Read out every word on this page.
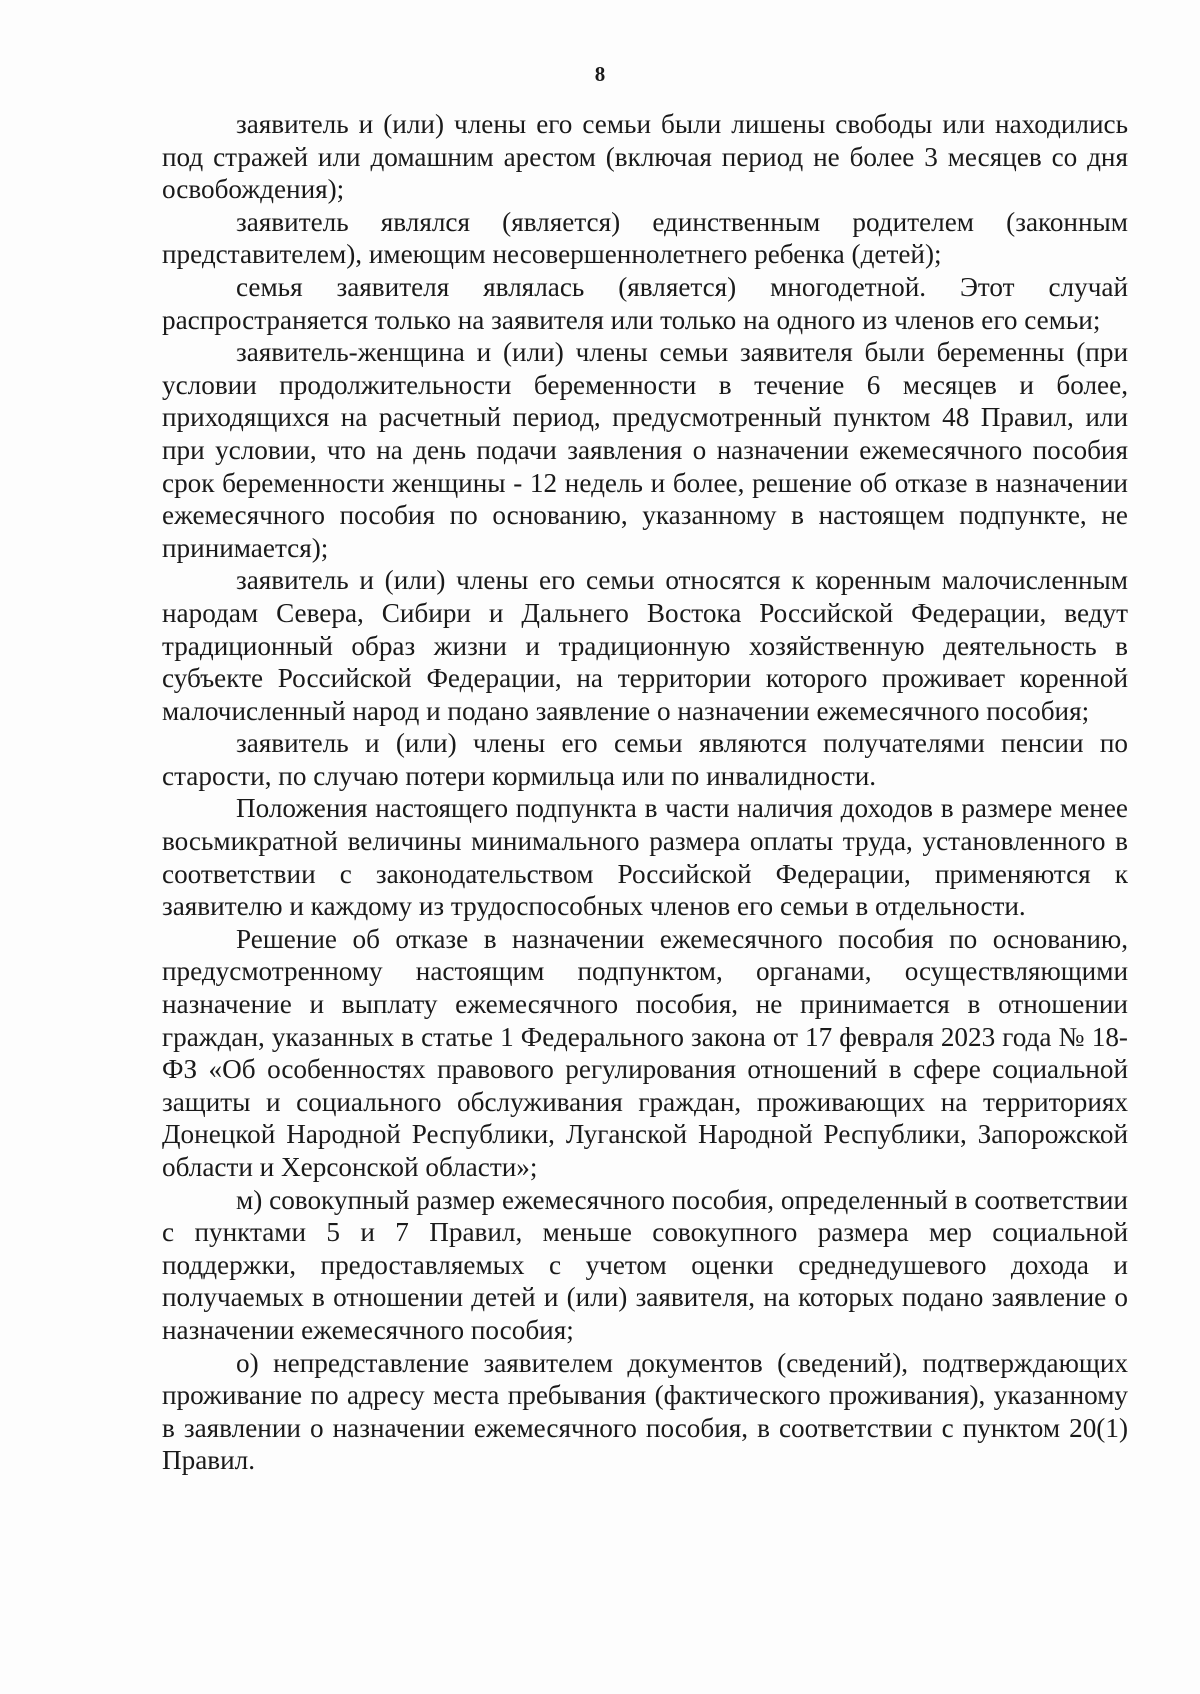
8

заявитель и (или) члены его семьи были лишены свободы или находились под стражей или домашним арестом (включая период не более 3 месяцев со дня освобождения);

заявитель являлся (является) единственным родителем (законным представителем), имеющим несовершеннолетнего ребенка (детей);

семья заявителя являлась (является) многодетной. Этот случай распространяется только на заявителя или только на одного из членов его семьи;

заявитель-женщина и (или) члены семьи заявителя были беременны (при условии продолжительности беременности в течение 6 месяцев и более, приходящихся на расчетный период, предусмотренный пунктом 48 Правил, или при условии, что на день подачи заявления о назначении ежемесячного пособия срок беременности женщины - 12 недель и более, решение об отказе в назначении ежемесячного пособия по основанию, указанному в настоящем подпункте, не принимается);

заявитель и (или) члены его семьи относятся к коренным малочисленным народам Севера, Сибири и Дальнего Востока Российской Федерации, ведут традиционный образ жизни и традиционную хозяйственную деятельность в субъекте Российской Федерации, на территории которого проживает коренной малочисленный народ и подано заявление о назначении ежемесячного пособия;

заявитель и (или) члены его семьи являются получателями пенсии по старости, по случаю потери кормильца или по инвалидности.

Положения настоящего подпункта в части наличия доходов в размере менее восьмикратной величины минимального размера оплаты труда, установленного в соответствии с законодательством Российской Федерации, применяются к заявителю и каждому из трудоспособных членов его семьи в отдельности.

Решение об отказе в назначении ежемесячного пособия по основанию, предусмотренному настоящим подпунктом, органами, осуществляющими назначение и выплату ежемесячного пособия, не принимается в отношении граждан, указанных в статье 1 Федерального закона от 17 февраля 2023 года № 18-ФЗ «Об особенностях правового регулирования отношений в сфере социальной защиты и социального обслуживания граждан, проживающих на территориях Донецкой Народной Республики, Луганской Народной Республики, Запорожской области и Херсонской области»;

м) совокупный размер ежемесячного пособия, определенный в соответствии с пунктами 5 и 7 Правил, меньше совокупного размера мер социальной поддержки, предоставляемых с учетом оценки среднедушевого дохода и получаемых в отношении детей и (или) заявителя, на которых подано заявление о назначении ежемесячного пособия;

о) непредставление заявителем документов (сведений), подтверждающих проживание по адресу места пребывания (фактического проживания), указанному в заявлении о назначении ежемесячного пособия, в соответствии с пунктом 20(1) Правил.
